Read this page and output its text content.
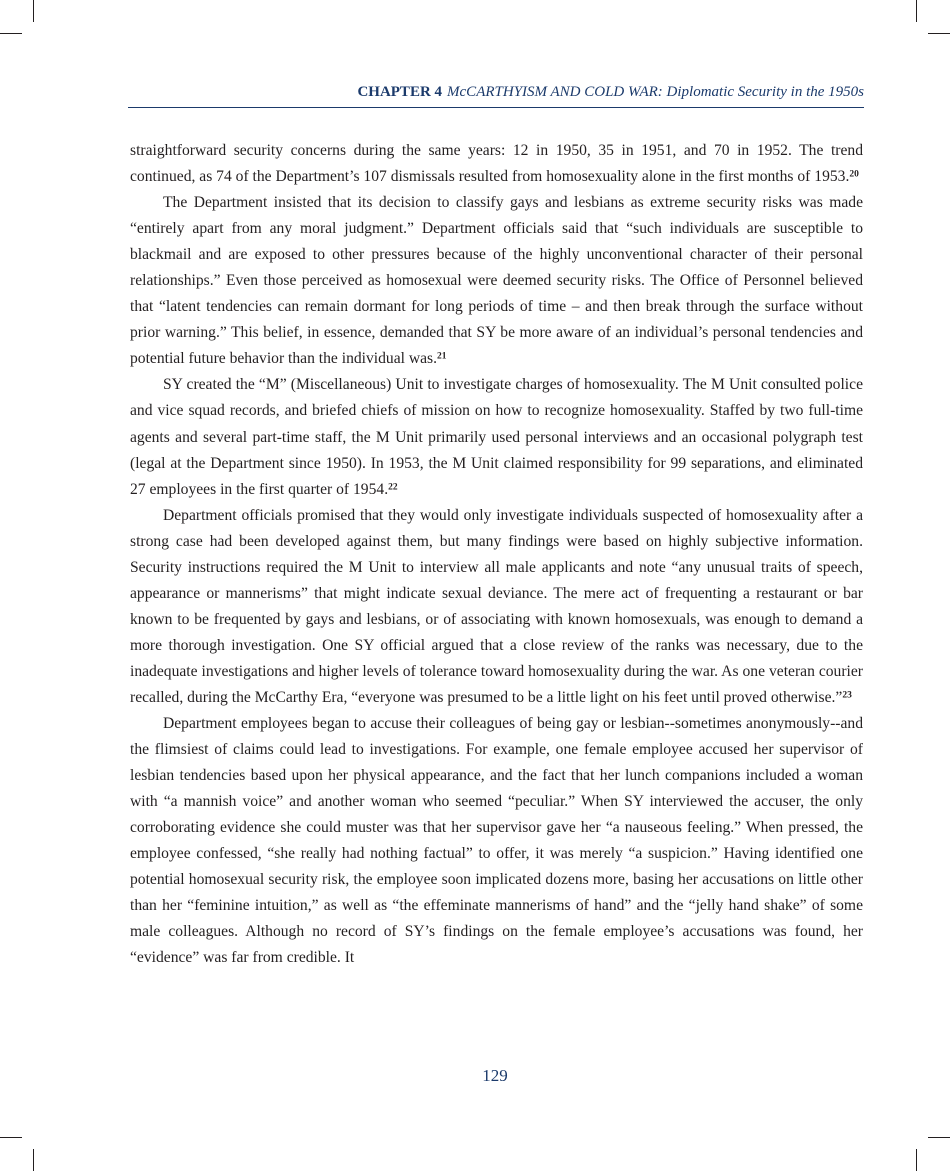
CHAPTER 4 McCARTHYISM AND COLD WAR: Diplomatic Security in the 1950s

straightforward security concerns during the same years: 12 in 1950, 35 in 1951, and 70 in 1952. The trend continued, as 74 of the Department’s 107 dismissals resulted from homosexuality alone in the first months of 1953.20

The Department insisted that its decision to classify gays and lesbians as extreme security risks was made “entirely apart from any moral judgment.” Department officials said that “such individuals are susceptible to blackmail and are exposed to other pressures because of the highly unconventional character of their personal relationships.” Even those perceived as homosexual were deemed security risks. The Office of Personnel believed that “latent tendencies can remain dormant for long periods of time – and then break through the surface without prior warning.” This belief, in essence, demanded that SY be more aware of an individual’s personal tendencies and potential future behavior than the individual was.$^{21}$

SY created the “M” (Miscellaneous) Unit to investigate charges of homosexuality. The M Unit consulted police and vice squad records, and briefed chiefs of mission on how to recognize homosexuality. Staffed by two full-time agents and several part-time staff, the M Unit primarily used personal interviews and an occasional polygraph test (legal at the Department since 1950). In 1953, the M Unit claimed responsibility for 99 separations, and eliminated 27 employees in the first quarter of 1954.22

Department officials promised that they would only investigate individuals suspected of homosexuality after a strong case had been developed against them, but many findings were based on highly subjective information. Security instructions required the M Unit to interview all male applicants and note “any unusual traits of speech, appearance or mannerisms” that might indicate sexual deviance. The mere act of frequenting a restaurant or bar known to be frequented by gays and lesbians, or of associating with known homosexuals, was enough to demand a more thorough investigation. One SY official argued that a close review of the ranks was necessary, due to the inadequate investigations and higher levels of tolerance toward homosexuality during the war. As one veteran courier recalled, during the McCarthy Era, “everyone was presumed to be a little light on his feet until proved otherwise.”$^{23}$

Department employees began to accuse their colleagues of being gay or lesbian--sometimes anonymously--and the flimsiest of claims could lead to investigations. For example, one female employee accused her supervisor of lesbian tendencies based upon her physical appearance, and the fact that her lunch companions included a woman with “a mannish voice” and another woman who seemed “peculiar.” When SY interviewed the accuser, the only corroborating evidence she could muster was that her supervisor gave her “a nauseous feeling.” When pressed, the employee confessed, “she really had nothing factual” to offer, it was merely “a suspicion.” Having identified one potential homosexual security risk, the employee soon implicated dozens more, basing her accusations on little other than her “feminine intuition,” as well as “the effeminate mannerisms of hand” and the “jelly hand shake” of some male colleagues. Although no record of SY’s findings on the female employee’s accusations was found, her “evidence” was far from credible. It

129
